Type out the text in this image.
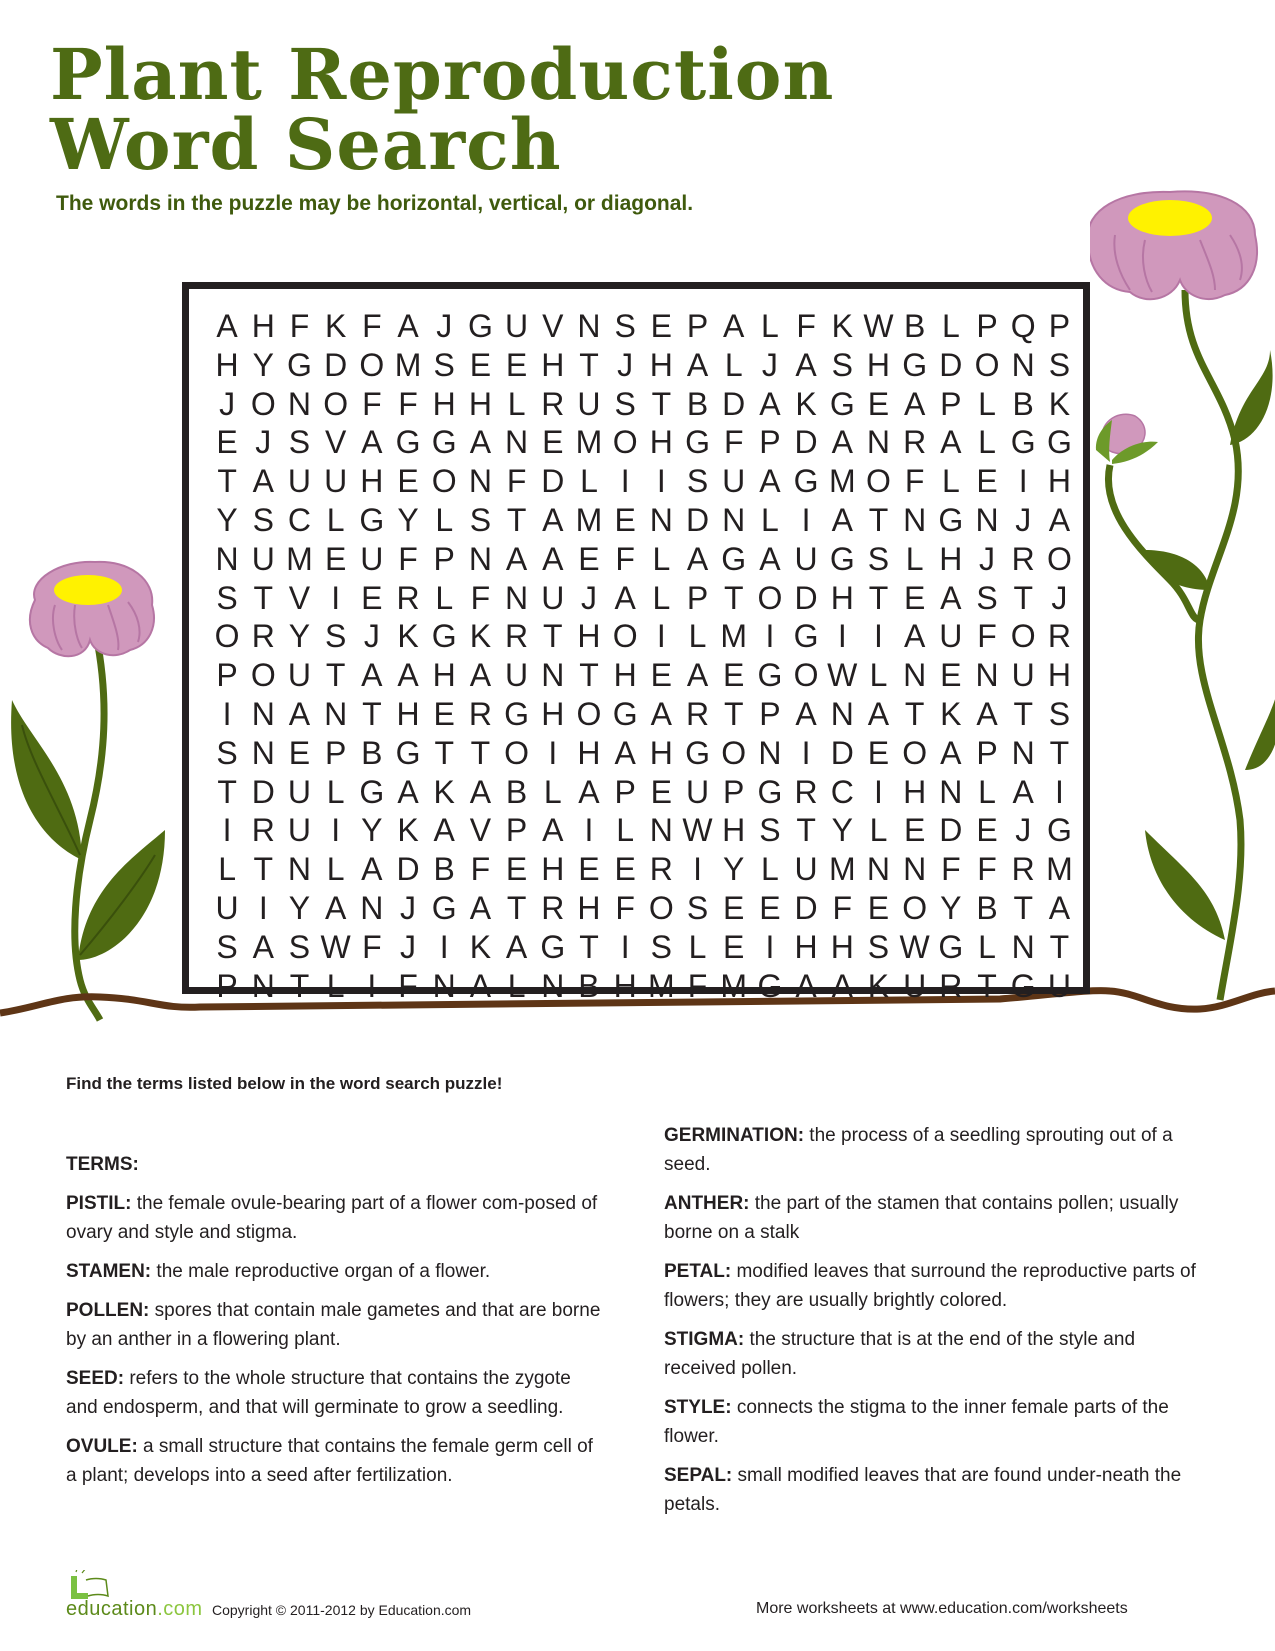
Plant Reproduction
Word Search
The words in the puzzle may be horizontal, vertical, or diagonal.
A H F K F A J G U V N S E P A L F K W B L P Q P
H Y G D O M S E E H T J H A L J A S H G D O N S
J O N O F F H H L R U S T B D A K G E A P L B K
E J S V A G G A N E M O H G F P D A N R A L G G
T A U U H E O N F D L I I S U A G M O F L E I H
Y S C L G Y L S T A M E N D N L I A T N G N J A
N U M E U F P N A A E F L A G A U G S L H J R O
S T V I E R L F N U J A L P T O D H T E A S T J
O R Y S J K G K R T H O I L M I G I I A U F O R
P O U T A A H A U N T H E A E G O W L N E N U H
I N A N T H E R G H O G A R T P A N A T K A T S
S N E P B G T T O I H A H G O N I D E O A P N T
T D U L G A K A B L A P E U P G R C I H N L A I
I R U I Y K A V P A I L N W H S T Y L E D E J G
L T N L A D B F E H E E R I Y L U M N N F F R M
U I Y A N J G A T R H F O S E E D F E O Y B T A
S A S W F J I K A G T I S L E I H H S W G L N T
P N T L I F N A L N B H M F M G A A K U R T G U
Find the terms listed below in the word search puzzle!
TERMS:
PISTIL: the female ovule-bearing part of a flower com-posed of ovary and style and stigma.
STAMEN: the male reproductive organ of a flower.
POLLEN: spores that contain male gametes and that are borne by an anther in a flowering plant.
SEED: refers to the whole structure that contains the zygote and endosperm, and that will germinate to grow a seedling.
OVULE: a small structure that contains the female germ cell of a plant; develops into a seed after fertilization.
GERMINATION: the process of a seedling sprouting out of a seed.
ANTHER: the part of the stamen that contains pollen; usually borne on a stalk
PETAL: modified leaves that surround the reproductive parts of flowers; they are usually brightly colored.
STIGMA: the structure that is at the end of the style and received pollen.
STYLE: connects the stigma to the inner female parts of the flower.
SEPAL: small modified leaves that are found under-neath the petals.
education.com Copyright © 2011-2012 by Education.com	More worksheets at www.education.com/worksheets
